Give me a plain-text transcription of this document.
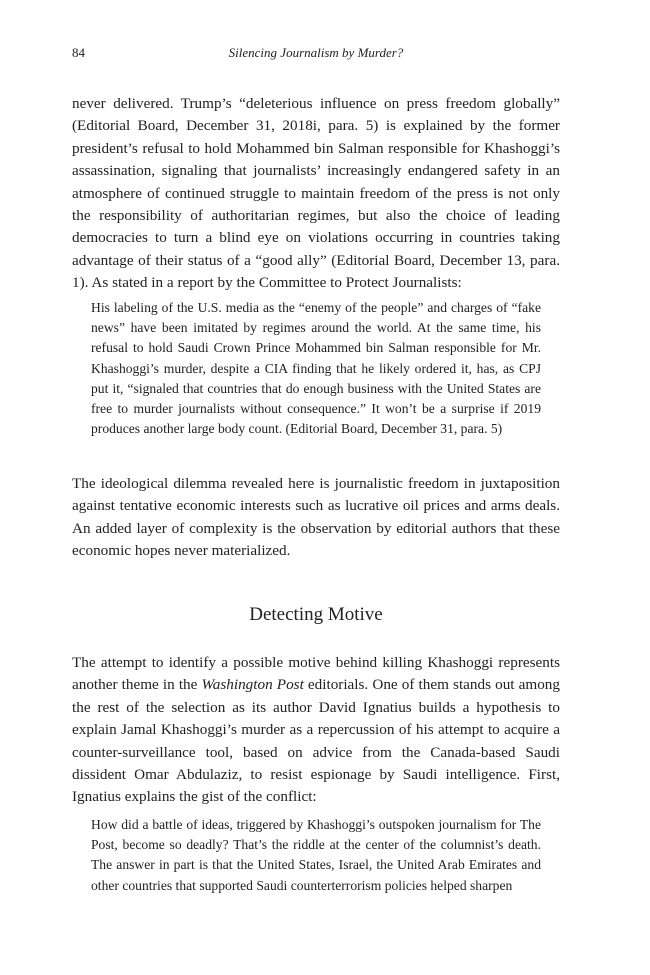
84	Silencing Journalism by Murder?

never delivered. Trump’s “deleterious influence on press freedom globally” (Editorial Board, December 31, 2018i, para. 5) is explained by the former president’s refusal to hold Mohammed bin Salman responsible for Khashoggi’s assassination, signaling that journalists’ increasingly endangered safety in an atmosphere of continued struggle to maintain freedom of the press is not only the responsibility of authoritarian regimes, but also the choice of leading democracies to turn a blind eye on violations occurring in countries taking advantage of their status of a “good ally” (Editorial Board, December 13, para. 1). As stated in a report by the Committee to Protect Journalists:

His labeling of the U.S. media as the “enemy of the people” and charges of “fake news” have been imitated by regimes around the world. At the same time, his refusal to hold Saudi Crown Prince Mohammed bin Salman responsible for Mr. Khashoggi’s murder, despite a CIA finding that he likely ordered it, has, as CPJ put it, “signaled that countries that do enough business with the United States are free to murder journalists without consequence.” It won’t be a surprise if 2019 produces another large body count. (Editorial Board, December 31, para. 5)

The ideological dilemma revealed here is journalistic freedom in juxtaposition against tentative economic interests such as lucrative oil prices and arms deals. An added layer of complexity is the observation by editorial authors that these economic hopes never materialized.

Detecting Motive

The attempt to identify a possible motive behind killing Khashoggi represents another theme in the Washington Post editorials. One of them stands out among the rest of the selection as its author David Ignatius builds a hypothesis to explain Jamal Khashoggi’s murder as a repercussion of his attempt to acquire a counter-surveillance tool, based on advice from the Canada-based Saudi dissident Omar Abdulaziz, to resist espionage by Saudi intelligence. First, Ignatius explains the gist of the conflict:

How did a battle of ideas, triggered by Khashoggi’s outspoken journalism for The Post, become so deadly? That’s the riddle at the center of the columnist’s death. The answer in part is that the United States, Israel, the United Arab Emirates and other countries that supported Saudi counterterrorism policies helped sharpen
